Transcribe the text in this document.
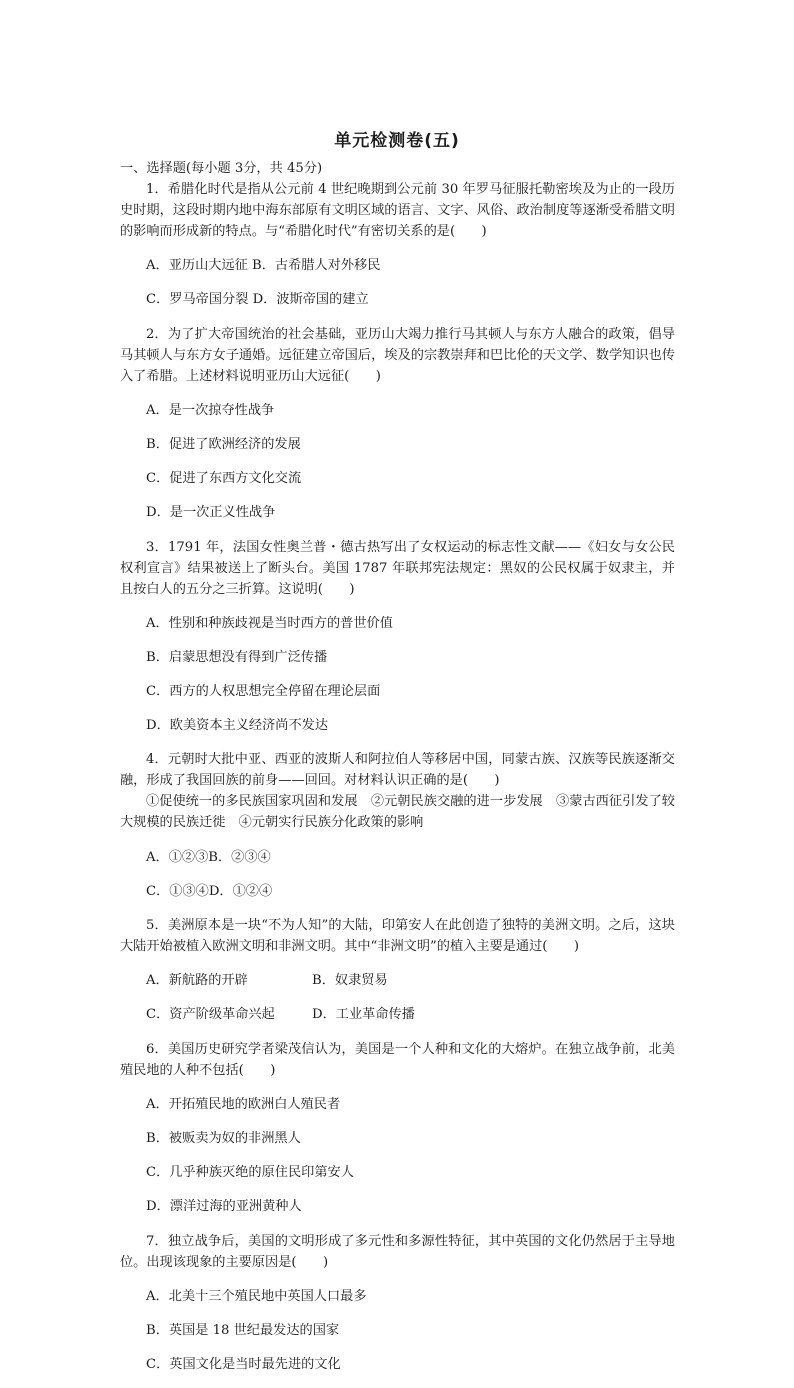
单元检测卷(五)

一、选择题(每小题 3分，共 45分)

1．希腊化时代是指从公元前 4 世纪晚期到公元前 30 年罗马征服托勒密埃及为止的一段历史时期，这段时期内地中海东部原有文明区域的语言、文字、风俗、政治制度等逐渐受希腊文明的影响而形成新的特点。与“希腊化时代”有密切关系的是(　　)

A．亚历山大远征 B．古希腊人对外移民

C．罗马帝国分裂 D．波斯帝国的建立

2．为了扩大帝国统治的社会基础，亚历山大竭力推行马其顿人与东方人融合的政策，倡导马其顿人与东方女子通婚。远征建立帝国后，埃及的宗教崇拜和巴比伦的天文学、数学知识也传入了希腊。上述材料说明亚历山大远征(　　)

A．是一次掠夺性战争

B．促进了欧洲经济的发展

C．促进了东西方文化交流

D．是一次正义性战争

3．1791 年，法国女性奥兰普・德古热写出了女权运动的标志性文献——《妇女与女公民权利宣言》结果被送上了断头台。美国 1787 年联邦宪法规定：黑奴的公民权属于奴隶主，并且按白人的五分之三折算。这说明(　　)

A．性别和种族歧视是当时西方的普世价值

B．启蒙思想没有得到广泛传播

C．西方的人权思想完全停留在理论层面

D．欧美资本主义经济尚不发达

4．元朝时大批中亚、西亚的波斯人和阿拉伯人等移居中国，同蒙古族、汉族等民族逐渐交融，形成了我国回族的前身——回回。对材料认识正确的是(　　)

①促使统一的多民族国家巩固和发展　②元朝民族交融的进一步发展　③蒙古西征引发了较大规模的民族迁徙　④元朝实行民族分化政策的影响

A．①②③B．②③④

C．①③④D．①②④

5．美洲原本是一块“不为人知”的大陆，印第安人在此创造了独特的美洲文明。之后，这块大陆开始被植入欧洲文明和非洲文明。其中“非洲文明”的植入主要是通过(　　)

A．新航路的开辟	B．奴隶贸易

C．资产阶级革命兴起	D．工业革命传播

6．美国历史研究学者梁茂信认为，美国是一个人种和文化的大熔炉。在独立战争前，北美殖民地的人种不包括(　　)

A．开拓殖民地的欧洲白人殖民者

B．被贩卖为奴的非洲黑人

C．几乎种族灭绝的原住民印第安人

D．漂洋过海的亚洲黄种人

7．独立战争后，美国的文明形成了多元性和多源性特征，其中英国的文化仍然居于主导地位。出现该现象的主要原因是(　　)

A．北美十三个殖民地中英国人口最多

B．英国是 18 世纪最发达的国家

C．英国文化是当时最先进的文化
